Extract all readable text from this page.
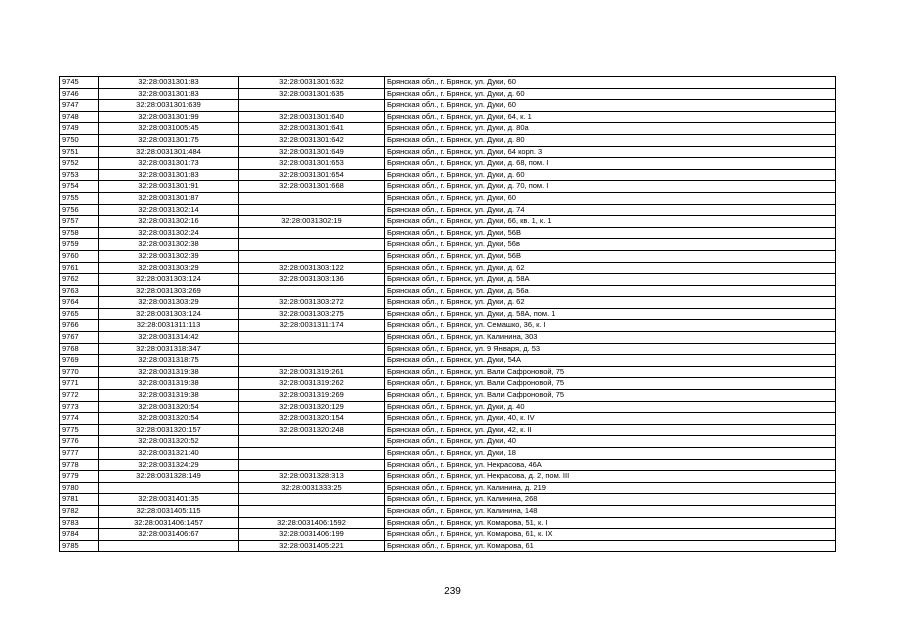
9745	32:28:0031301:83	32:28:0031301:632	Брянская обл., г. Брянск, ул. Дуки, 60
9746	32:28:0031301:83	32:28:0031301:635	Брянская обл., г. Брянск, ул. Дуки, д. 60
9747	32:28:0031301:639		Брянская обл., г. Брянск, ул. Дуки, 60
9748	32:28:0031301:99	32:28:0031301:640	Брянская обл., г. Брянск, ул. Дуки, 64, к. 1
9749	32:28:0031005:45	32:28:0031301:641	Брянская обл., г. Брянск, ул. Дуки, д. 80а
9750	32:28:0031301:75	32:28:0031301:642	Брянская обл., г. Брянск, ул. Дуки, д. 80
9751	32:28:0031301:484	32:28:0031301:649	Брянская обл., г. Брянск, ул. Дуки, 64 корп. 3
9752	32:28:0031301:73	32:28:0031301:653	Брянская обл., г. Брянск, ул. Дуки, д. 68, пом. I
9753	32:28:0031301:83	32:28:0031301:654	Брянская обл., г. Брянск, ул. Дуки, д. 60
9754	32:28:0031301:91	32:28:0031301:668	Брянская обл., г. Брянск, ул. Дуки, д. 70, пом. I
9755	32:28:0031301:87		Брянская обл., г. Брянск, ул. Дуки, 60
9756	32:28:0031302:14		Брянская обл., г. Брянск, ул. Дуки, д. 74
9757	32:28:0031302:16	32:28:0031302:19	Брянская обл., г. Брянск, ул. Дуки, 66, кв. 1, к. 1
9758	32:28:0031302:24		Брянская обл., г. Брянск, ул. Дуки, 56В
9759	32:28:0031302:38		Брянская обл., г. Брянск, ул. Дуки, 56в
9760	32:28:0031302:39		Брянская обл., г. Брянск, ул. Дуки, 56В
9761	32:28:0031303:29	32:28:0031303:122	Брянская обл., г. Брянск, ул. Дуки, д. 62
9762	32:28:0031303:124	32:28:0031303:136	Брянская обл., г. Брянск, ул. Дуки, д. 58А
9763	32:28:0031303:269		Брянская обл., г. Брянск, ул. Дуки, д. 56а
9764	32:28:0031303:29	32:28:0031303:272	Брянская обл., г. Брянск, ул. Дуки, д. 62
9765	32:28:0031303:124	32:28:0031303:275	Брянская обл., г. Брянск, ул. Дуки, д. 58А, пом. 1
9766	32:28:0031311:113	32:28:0031311:174	Брянская обл., г. Брянск, ул. Семашко, 36, к. I
9767	32:28:0031314:42		Брянская обл., г. Брянск, ул. Калинина, 303
9768	32:28:0031318:347		Брянская обл., г. Брянск, ул. 9 Января, д. 53
9769	32:28:0031318:75		Брянская обл., г. Брянск, ул. Дуки, 54А
9770	32:28:0031319:38	32:28:0031319:261	Брянская обл., г. Брянск, ул. Вали Сафроновой, 75
9771	32:28:0031319:38	32:28:0031319:262	Брянская обл., г. Брянск, ул. Вали Сафроновой, 75
9772	32:28:0031319:38	32:28:0031319:269	Брянская обл., г. Брянск, ул. Вали Сафроновой, 75
9773	32:28:0031320:54	32:28:0031320:129	Брянская обл., г. Брянск, ул. Дуки, д. 40
9774	32:28:0031320:54	32:28:0031320:154	Брянская обл., г. Брянск, ул. Дуки, 40, к. IV
9775	32:28:0031320:157	32:28:0031320:248	Брянская обл., г. Брянск, ул. Дуки, 42, к. II
9776	32:28:0031320:52		Брянская обл., г. Брянск, ул. Дуки, 40
9777	32:28:0031321:40		Брянская обл., г. Брянск, ул. Дуки, 18
9778	32:28:0031324:29		Брянская обл., г. Брянск, ул. Некрасова, 46А
9779	32:28:0031328:149	32:28:0031328:313	Брянская обл., г. Брянск, ул. Некрасова, д. 2, пом. III
9780		32:28:0031333:25	Брянская обл., г. Брянск, ул. Калинина, д. 219
9781	32:28:0031401:35		Брянская обл., г. Брянск, ул. Калинина, 268
9782	32:28:0031405:115		Брянская обл., г. Брянск, ул. Калинина, 148
9783	32:28:0031406:1457	32:28:0031406:1592	Брянская обл., г. Брянск, ул. Комарова, 51, к. I
9784	32:28:0031406:67	32:28:0031406:199	Брянская обл., г. Брянск, ул. Комарова, 61, к. IX
9785		32:28:0031405:221	Брянская обл., г. Брянск, ул. Комарова, 61
239
